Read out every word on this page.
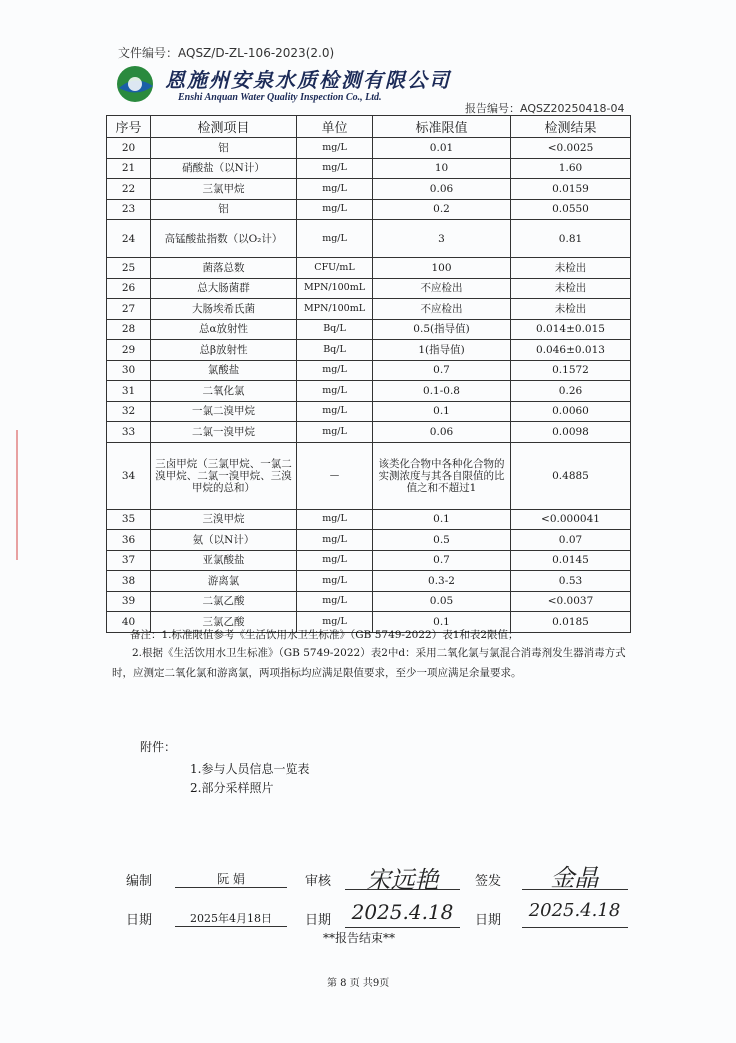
文件编号：AQSZ/D-ZL-106-2023(2.0)
恩施州安泉水质检测有限公司
Enshi Anquan Water Quality Inspection Co., Ltd.
报告编号：AQSZ20250418-04
序号	检测项目	单位	标准限值	检测结果
20	铝	mg/L	0.01	<0.0025
21	硝酸盐（以N计）	mg/L	10	1.60
22	三氯甲烷	mg/L	0.06	0.0159
23	铝	mg/L	0.2	0.0550
24	高锰酸盐指数（以O₂计）	mg/L	3	0.81
25	菌落总数	CFU/mL	100	未检出
26	总大肠菌群	MPN/100mL	不应检出	未检出
27	大肠埃希氏菌	MPN/100mL	不应检出	未检出
28	总α放射性	Bq/L	0.5(指导值)	0.014±0.015
29	总β放射性	Bq/L	1(指导值)	0.046±0.013
30	氯酸盐	mg/L	0.7	0.1572
31	二氧化氯	mg/L	0.1-0.8	0.26
32	一氯二溴甲烷	mg/L	0.1	0.0060
33	二氯一溴甲烷	mg/L	0.06	0.0098
34	三卤甲烷（三氯甲烷、一氯二溴甲烷、二氯一溴甲烷、三溴甲烷的总和）	—	该类化合物中各种化合物的实测浓度与其各自限值的比值之和不超过1	0.4885
35	三溴甲烷	mg/L	0.1	<0.000041
36	氨（以N计）	mg/L	0.5	0.07
37	亚氯酸盐	mg/L	0.7	0.0145
38	游离氯	mg/L	0.3-2	0.53
39	二氯乙酸	mg/L	0.05	<0.0037
40	三氯乙酸	mg/L	0.1	0.0185
备注：1.标准限值参考《生活饮用水卫生标准》（GB 5749-2022）表1和表2限值；
2.根据《生活饮用水卫生标准》（GB 5749-2022）表2中d：采用二氧化氯与氯混合消毒剂发生器消毒方式时，应测定二氧化氯和游离氯，两项指标均应满足限值要求，至少一项应满足余量要求。
附件：
1.参与人员信息一览表
2.部分采样照片
编制	阮 娟	审核	宋远艳	签发	金晶
日期	2025年4月18日	日期	2025.4.18	日期	2025.4.18
**报告结束**
第 8 页 共9页
